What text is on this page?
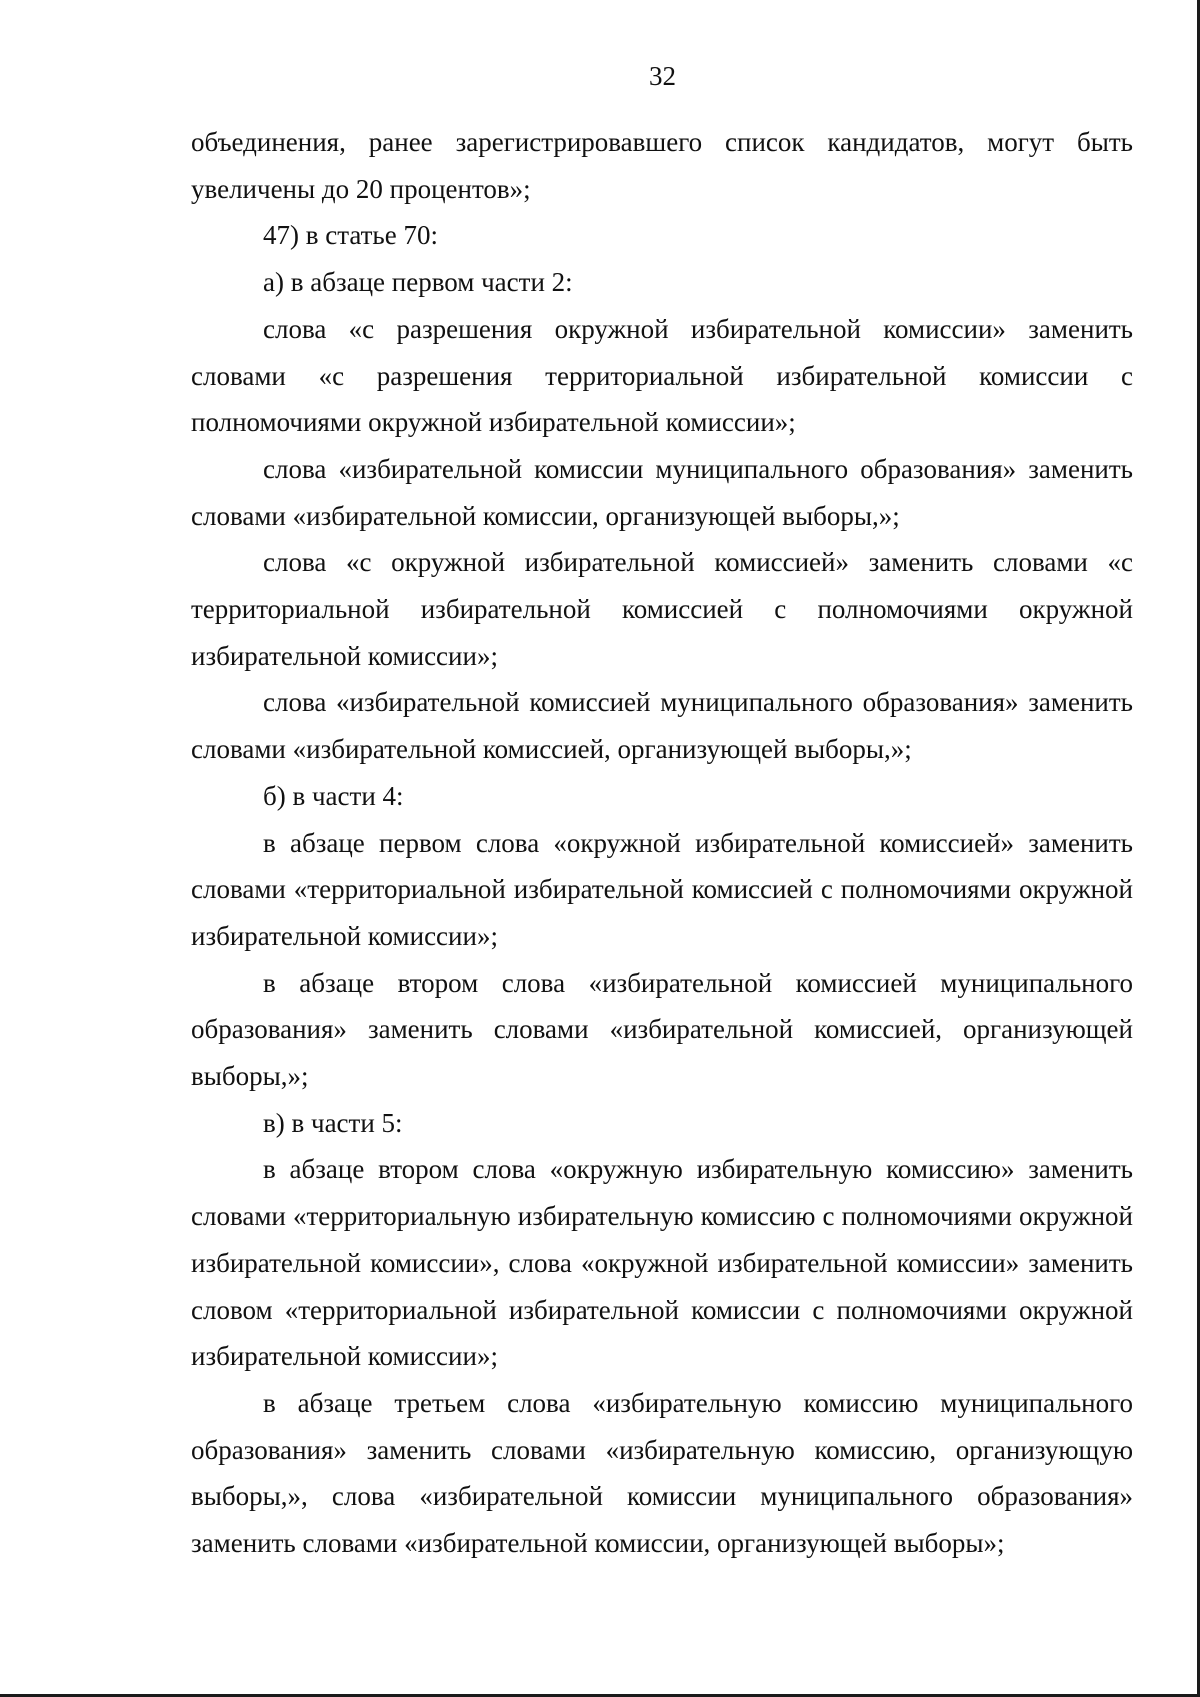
32

объединения, ранее зарегистрировавшего список кандидатов, могут быть увеличены до 20 процентов»;

47) в статье 70:

а) в абзаце первом части 2:

слова «с разрешения окружной избирательной комиссии» заменить словами «с разрешения территориальной избирательной комиссии с полномочиями окружной избирательной комиссии»;

слова «избирательной комиссии муниципального образования» заменить словами «избирательной комиссии, организующей выборы,»;

слова «с окружной избирательной комиссией» заменить словами «с территориальной избирательной комиссией с полномочиями окружной избирательной комиссии»;

слова «избирательной комиссией муниципального образования» заменить словами «избирательной комиссией, организующей выборы,»;

б) в части 4:

в абзаце первом слова «окружной избирательной комиссией» заменить словами «территориальной избирательной комиссией с полномочиями окружной избирательной комиссии»;

в абзаце втором слова «избирательной комиссией муниципального образования» заменить словами «избирательной комиссией, организующей выборы,»;

в) в части 5:

в абзаце втором слова «окружную избирательную комиссию» заменить словами «территориальную избирательную комиссию с полномочиями окружной избирательной комиссии», слова «окружной избирательной комиссии» заменить словом «территориальной избирательной комиссии с полномочиями окружной избирательной комиссии»;

в абзаце третьем слова «избирательную комиссию муниципального образования» заменить словами «избирательную комиссию, организующую выборы,», слова «избирательной комиссии муниципального образования» заменить словами «избирательной комиссии, организующей выборы»;
